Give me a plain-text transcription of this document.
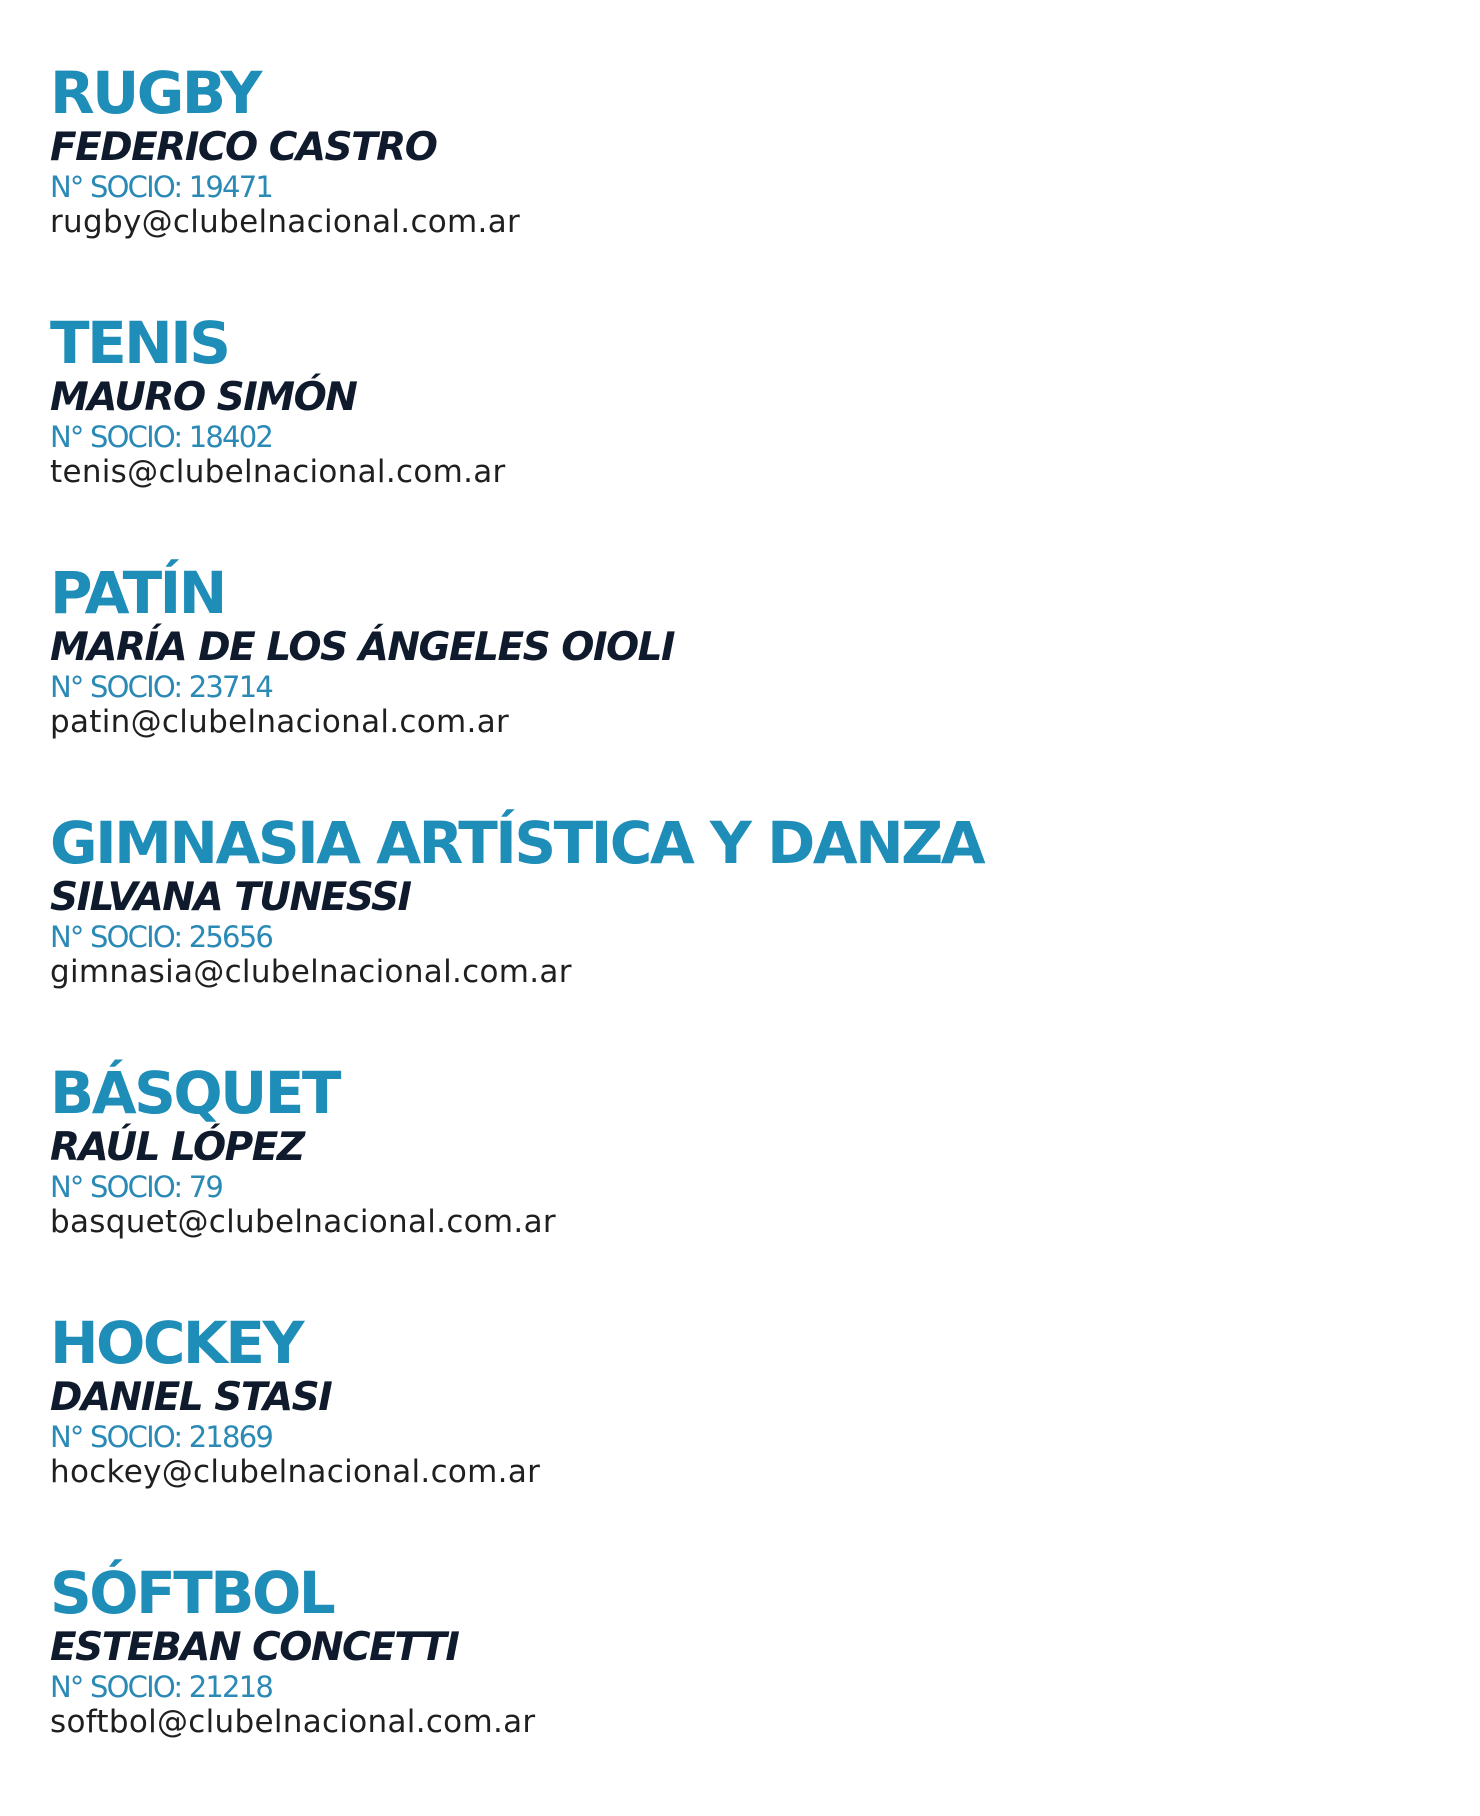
RUGBY
FEDERICO CASTRO
N° SOCIO: 19471
rugby@clubelnacional.com.ar
TENIS
MAURO SIMÓN
N° SOCIO: 18402
tenis@clubelnacional.com.ar
PATÍN
MARÍA DE LOS ÁNGELES OIOLI
N° SOCIO: 23714
patin@clubelnacional.com.ar
GIMNASIA ARTÍSTICA Y DANZA
SILVANA TUNESSI
N° SOCIO: 25656
gimnasia@clubelnacional.com.ar
BÁSQUET
RAÚL LÓPEZ
N° SOCIO: 79
basquet@clubelnacional.com.ar
HOCKEY
DANIEL STASI
N° SOCIO: 21869
hockey@clubelnacional.com.ar
SÓFTBOL
ESTEBAN CONCETTI
N° SOCIO: 21218
softbol@clubelnacional.com.ar
